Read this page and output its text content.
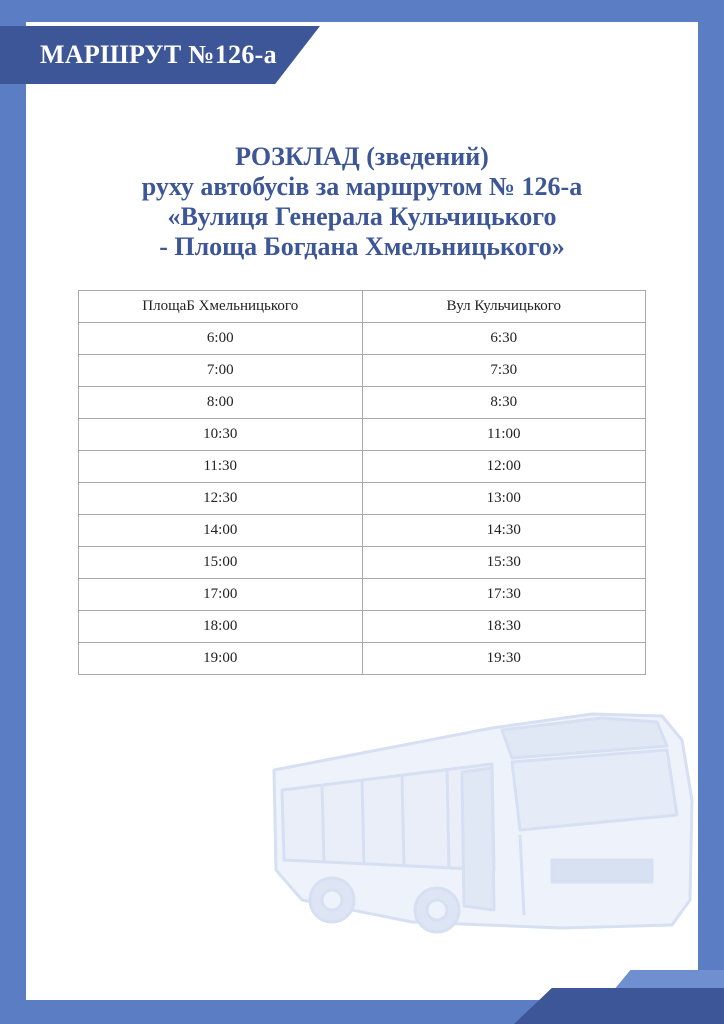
МАРШРУТ №126-а
РОЗКЛАД (зведений)
руху автобусів за маршрутом № 126-а
«Вулиця Генерала Кульчицького
- Площа Богдана Хмельницького»
ПлощаБ Хмельницького	Вул Кульчицького
6:00	6:30
7:00	7:30
8:00	8:30
10:30	11:00
11:30	12:00
12:30	13:00
14:00	14:30
15:00	15:30
17:00	17:30
18:00	18:30
19:00	19:30
